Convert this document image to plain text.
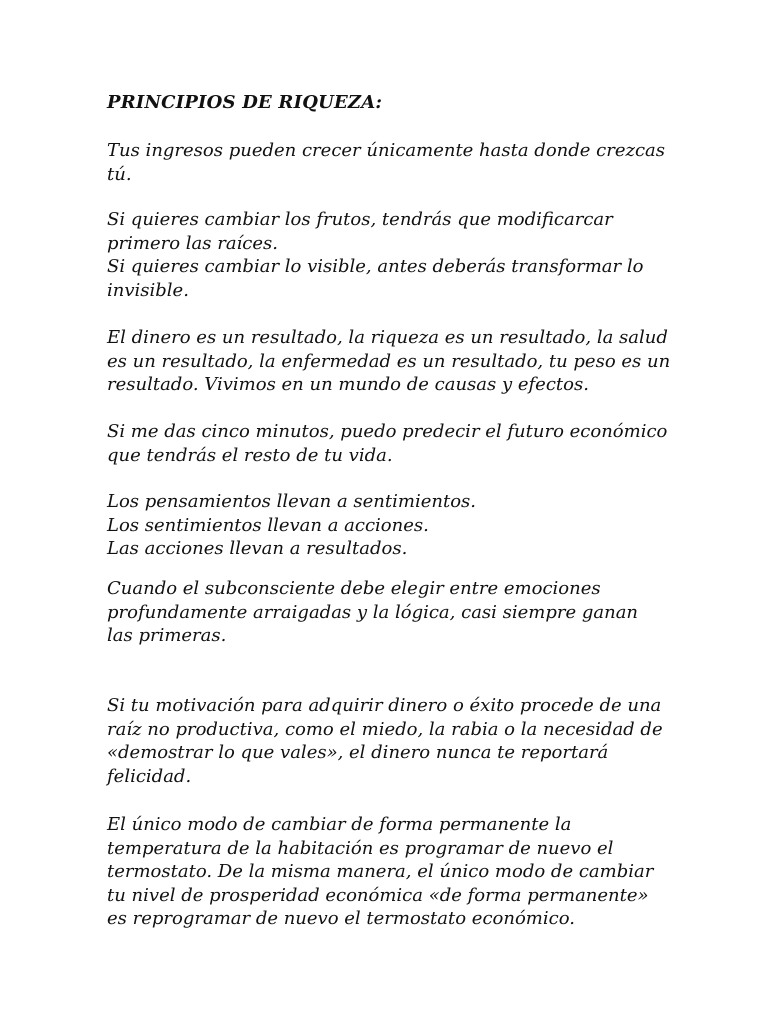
PRINCIPIOS DE RIQUEZA:

Tus ingresos pueden crecer únicamente hasta donde crezcas
tú.

Si quieres cambiar los frutos, tendrás que modificarcar
primero las raíces.
Si quieres cambiar lo visible, antes deberás transformar lo
invisible.

El dinero es un resultado, la riqueza es un resultado, la salud
es un resultado, la enfermedad es un resultado, tu peso es un
resultado. Vivimos en un mundo de causas y efectos.

Si me das cinco minutos, puedo predecir el futuro económico
que tendrás el resto de tu vida.

Los pensamientos llevan a sentimientos.
Los sentimientos llevan a acciones.
Las acciones llevan a resultados.

Cuando el subconsciente debe elegir entre emociones
profundamente arraigadas y la lógica, casi siempre ganan
las primeras.

Si tu motivación para adquirir dinero o éxito procede de una
raíz no productiva, como el miedo, la rabia o la necesidad de
«demostrar lo que vales», el dinero nunca te reportará
felicidad.

El único modo de cambiar de forma permanente la
temperatura de la habitación es programar de nuevo el
termostato. De la misma manera, el único modo de cambiar
tu nivel de prosperidad económica «de forma permanente»
es reprogramar de nuevo el termostato económico.
